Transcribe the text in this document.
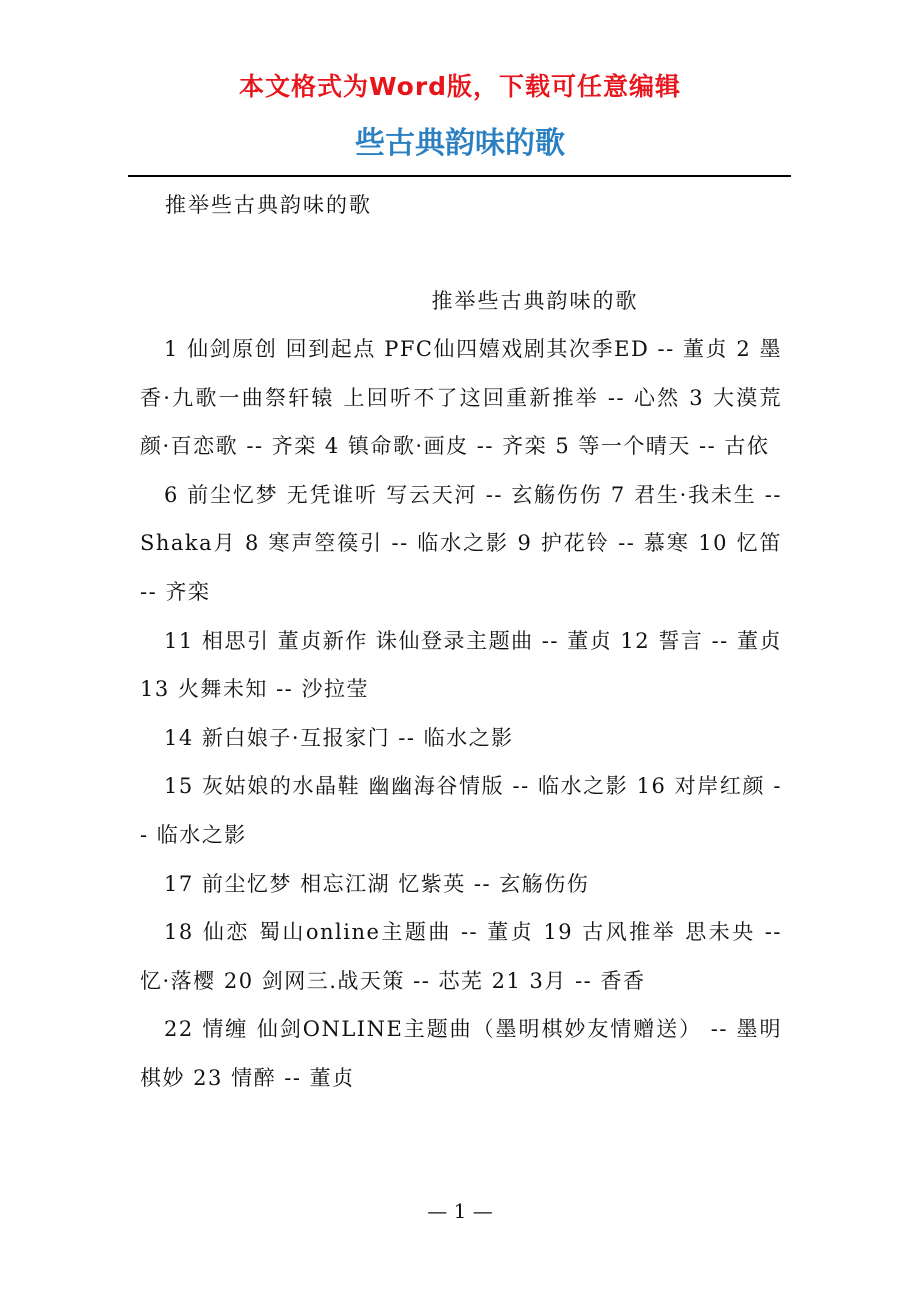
本文格式为Word版，下载可任意编辑
些古典韵味的歌
推举些古典韵味的歌
推举些古典韵味的歌

1 仙剑原创 回到起点 PFC仙四嬉戏剧其次季ED -- 董贞 2 墨香·九歌一曲祭轩辕 上回听不了这回重新推举 -- 心然 3 大漠荒颜·百恋歌 -- 齐栾 4 镇命歌·画皮 -- 齐栾 5 等一个晴天 -- 古依

6 前尘忆梦 无凭谁听 写云天河 -- 玄觞伤伤 7 君生·我未生 --Shaka月 8 寒声箜篌引 -- 临水之影 9 护花铃 -- 慕寒 10 忆笛 -- 齐栾

11 相思引 董贞新作 诛仙登录主题曲 -- 董贞 12 誓言 -- 董贞 13 火舞未知 -- 沙拉莹

14 新白娘子·互报家门 -- 临水之影

15 灰姑娘的水晶鞋 幽幽海谷情版 -- 临水之影 16 对岸红颜 -- 临水之影

17 前尘忆梦 相忘江湖 忆紫英 -- 玄觞伤伤

18 仙恋 蜀山online主题曲 -- 董贞 19 古风推举 思未央 -- 忆·落樱 20 剑网三.战天策 -- 芯芜 21 3月 -- 香香

22 情缠 仙剑ONLINE主题曲（墨明棋妙友情赠送） -- 墨明棋妙 23 情醉 -- 董贞

— 1 —
